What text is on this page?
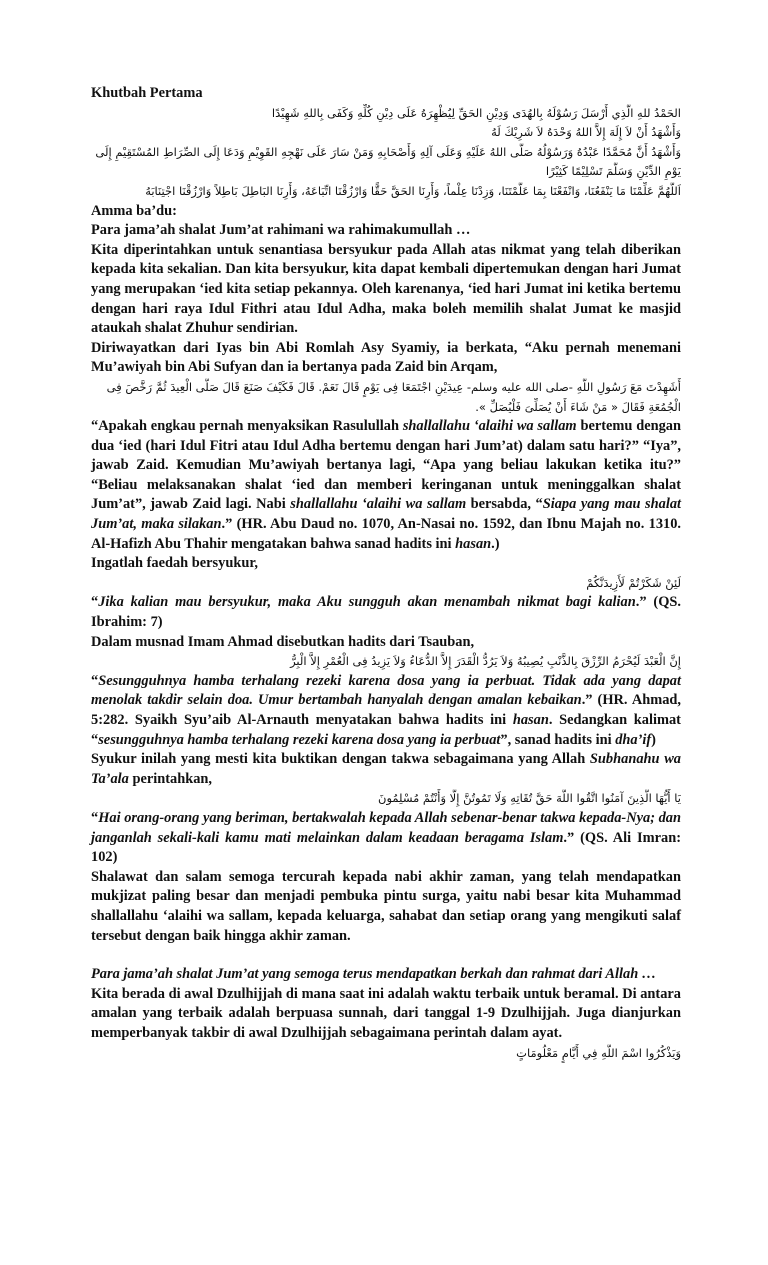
Khutbah Pertama

الحَمْدُ للهِ الَّذِي أَرْسَلَ رَسُوْلَهُ بِالهُدَى وَدِيْنِ الحَقِّ لِيُظْهِرَهُ عَلَى دِيْنِ كُلِّهِ وَكَفَى بِاللهِ شَهِيْدًا

وَأَشْهَدُ أَنْ لاَ إِلَهَ إِلاَّ اللهُ وَحْدَهُ لاَ شَرِيْكَ لَهُ

وَأَشْهَدُ أَنَّ مُحَمَّدًا عَبْدُهُ وَرَسُوْلُهُ صَلَّى اللهُ عَلَيْهِ وَعَلَى آلِهِ وَأَصْحَابِهِ وَمَنْ سَارَ عَلَى نَهْجِهِ القَوِيْمِ وَدَعَا إِلَى الصِّرَاطِ المُسْتَقِيْمِ إِلَى

يَوْمِ الدِّيْنِ وَسَلَّمَ تَسْلِيْمًا كَثِيْرًا

اَللَّهُمَّ عَلِّمْنَا مَا يَنْفَعُنَا، وَانْفَعْنَا بِمَا عَلَّمْتَنَا، وَزِدْنَا عِلْماً، وَأَرِنَا الحَقَّ حَقًّا وَارْزُقْنَا اتِّبَاعَهُ، وَأَرِنَا البَاطِلَ بَاطِلاً وَارْزُقْنَا اجْتِنَابَهُ

Amma ba’du:

Para jama’ah shalat Jum’at rahimani wa rahimakumullah …

Kita diperintahkan untuk senantiasa bersyukur pada Allah atas nikmat yang telah diberikan kepada kita sekalian. Dan kita bersyukur, kita dapat kembali dipertemukan dengan hari Jumat yang merupakan ‘ied kita setiap pekannya. Oleh karenanya, ‘ied hari Jumat ini ketika bertemu dengan hari raya Idul Fithri atau Idul Adha, maka boleh memilih shalat Jumat ke masjid ataukah shalat Zhuhur sendirian.

Diriwayatkan dari Iyas bin Abi Romlah Asy Syamiy, ia berkata, “Aku pernah menemani Mu’awiyah bin Abi Sufyan dan ia bertanya pada Zaid bin Arqam,

أَشَهِدْتَ مَعَ رَسُولِ اللَّهِ -صلى الله عليه وسلم- عِيدَيْنِ اجْتَمَعَا فِى يَوْمٍ قَالَ نَعَمْ. قَالَ فَكَيْفَ صَنَعَ قَالَ صَلَّى الْعِيدَ ثُمَّ رَخَّصَ فِى

الْجُمُعَةِ فَقَالَ « مَنْ شَاءَ أَنْ يُصَلِّىَ فَلْيُصَلِّ ».

“Apakah engkau pernah menyaksikan Rasulullah shallallahu ‘alaihi wa sallam bertemu dengan dua ‘ied (hari Idul Fitri atau Idul Adha bertemu dengan hari Jum’at) dalam satu hari?” “Iya”, jawab Zaid. Kemudian Mu’awiyah bertanya lagi, “Apa yang beliau lakukan ketika itu?” “Beliau melaksanakan shalat ‘ied dan memberi keringanan untuk meninggalkan shalat Jum’at”, jawab Zaid lagi. Nabi shallallahu ‘alaihi wa sallam bersabda, “Siapa yang mau shalat Jum’at, maka silakan.” (HR. Abu Daud no. 1070, An-Nasai no. 1592, dan Ibnu Majah no. 1310. Al-Hafizh Abu Thahir mengatakan bahwa sanad hadits ini hasan.)

Ingatlah faedah bersyukur,

لَئِنْ شَكَرْتُمْ لَأَزِيدَنَّكُمْ

“Jika kalian mau bersyukur, maka Aku sungguh akan menambah nikmat bagi kalian.” (QS. Ibrahim: 7)

Dalam musnad Imam Ahmad disebutkan hadits dari Tsauban,

إِنَّ الْعَبْدَ لَيُحْرَمُ الرِّزْقَ بِالذَّنْبِ يُصِيبُهُ وَلاَ يَرُدُّ الْقَدَرَ إِلاَّ الدُّعَاءُ وَلاَ يَزِيدُ فِى الْعُمْرِ إِلاَّ الْبِرُّ

“Sesungguhnya hamba terhalang rezeki karena dosa yang ia perbuat. Tidak ada yang dapat menolak takdir selain doa. Umur bertambah hanyalah dengan amalan kebaikan.” (HR. Ahmad, 5:282. Syaikh Syu’aib Al-Arnauth menyatakan bahwa hadits ini hasan. Sedangkan kalimat “sesungguhnya hamba terhalang rezeki karena dosa yang ia perbuat”, sanad hadits ini dha’if)

Syukur inilah yang mesti kita buktikan dengan takwa sebagaimana yang Allah Subhanahu wa Ta’ala perintahkan,

يَا أَيُّهَا الَّذِينَ آمَنُوا اتَّقُوا اللَّهَ حَقَّ تُقَاتِهِ وَلَا تَمُوتُنَّ إِلَّا وَأَنْتُمْ مُسْلِمُونَ

“Hai orang-orang yang beriman, bertakwalah kepada Allah sebenar-benar takwa kepada-Nya; dan janganlah sekali-kali kamu mati melainkan dalam keadaan beragama Islam.” (QS. Ali Imran: 102)

Shalawat dan salam semoga tercurah kepada nabi akhir zaman, yang telah mendapatkan mukjizat paling besar dan menjadi pembuka pintu surga, yaitu nabi besar kita Muhammad shallallahu ‘alaihi wa sallam, kepada keluarga, sahabat dan setiap orang yang mengikuti salaf tersebut dengan baik hingga akhir zaman.

Para jama’ah shalat Jum’at yang semoga terus mendapatkan berkah dan rahmat dari Allah …

Kita berada di awal Dzulhijjah di mana saat ini adalah waktu terbaik untuk beramal. Di antara amalan yang terbaik adalah berpuasa sunnah, dari tanggal 1-9 Dzulhijjah. Juga dianjurkan memperbanyak takbir di awal Dzulhijjah sebagaimana perintah dalam ayat.

وَيَذْكُرُوا اسْمَ اللَّهِ فِي أَيَّامٍ مَعْلُومَاتٍ
